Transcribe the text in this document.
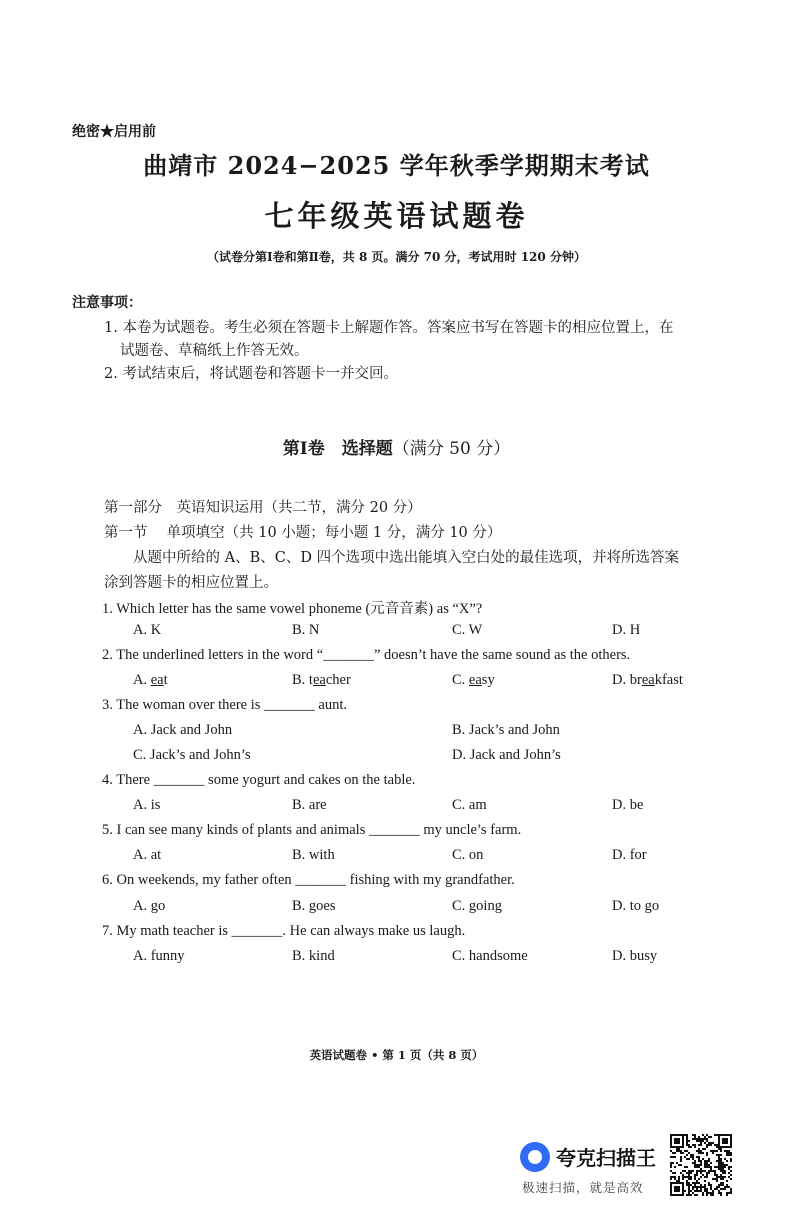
绝密★启用前
曲靖市 2024−2025 学年秋季学期期末考试
七年级英语试题卷
（试卷分第Ⅰ卷和第Ⅱ卷，共 8 页。满分 70 分，考试用时 120 分钟）
注意事项：
1. 本卷为试题卷。考生必须在答题卡上解题作答。答案应书写在答题卡的相应位置上，在
试题卷、草稿纸上作答无效。
2. 考试结束后，将试题卷和答题卡一并交回。
第Ⅰ卷　选择题（满分 50 分）
第一部分　英语知识运用（共二节，满分 20 分）
第一节　 单项填空（共 10 小题；每小题 1 分，满分 10 分）
从题中所给的 A、B、C、D 四个选项中选出能填入空白处的最佳选项，并将所选答案
涂到答题卡的相应位置上。
1. Which letter has the same vowel phoneme (元音音素) as “X”?
A. K	B. N	C. W	D. H
2. The underlined letters in the word “_______” doesn’t have the same sound as the others.
A. eat	B. teacher	C. easy	D. breakfast
3. The woman over there is _______ aunt.
A. Jack and John	B. Jack’s and John
C. Jack’s and John’s	D. Jack and John’s
4. There _______ some yogurt and cakes on the table.
A. is	B. are	C. am	D. be
5. I can see many kinds of plants and animals _______ my uncle’s farm.
A. at	B. with	C. on	D. for
6. On weekends, my father often _______ fishing with my grandfather.
A. go	B. goes	C. going	D. to go
7. My math teacher is _______. He can always make us laugh.
A. funny	B. kind	C. handsome	D. busy
英语试题卷 • 第 1 页（共 8 页）
夸克扫描王
极速扫描，就是高效
